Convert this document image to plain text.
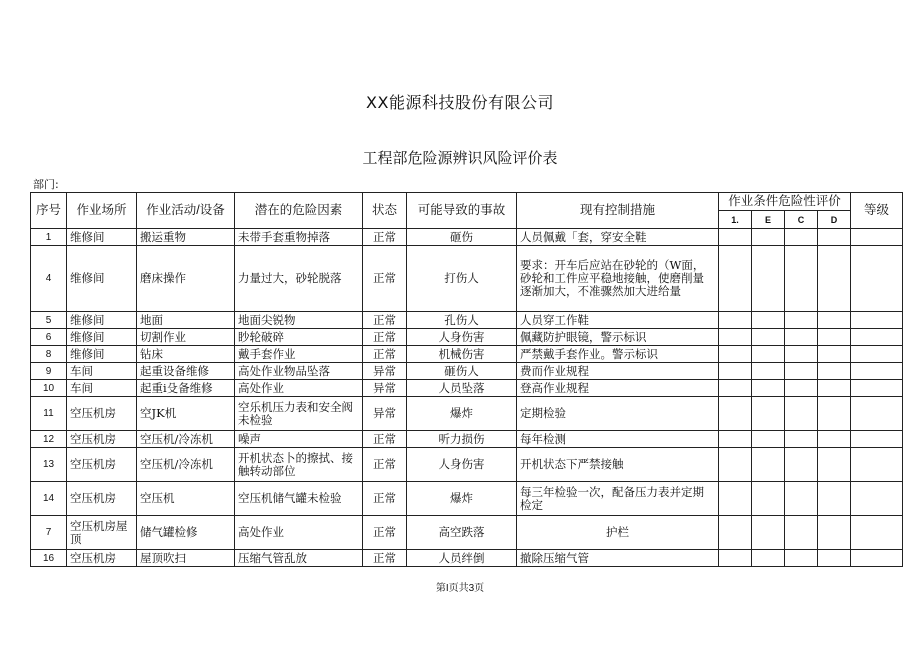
XX能源科技股份有限公司
工程部危险源辨识风险评价表
部门:
序号	作业场所	作业活动/设备	潜在的危险因素	状态	可能导致的事故	现有控制措施	作业条件危险性评价				等级
							1.	E	C	D	
1	维修间	搬运重物	未带手套重物掉落	正常	砸伤	人员佩戴「套，穿安全鞋					
4	维修间	磨床操作	力量过大，砂轮脱落	正常	打伤人	要求：开车后应站在砂轮的（W面，砂轮和工件应平稳地接触，使磨削量逐渐加大，不准骤然加大进给量					
5	维修间	地面	地面尖锐物	正常	孔伤人	人员穿工作鞋					
6	维修间	切割作业	眇轮破碎	正常	人身伤害	佩藏防护眼镜，警示标识					
8	维修间	钻床	戴手套作业	正常	机械伤害	严禁戴手套作业。警示标识					
9	车间	起重设备维修	高处作业物品坠落	异常	砸伤人	费而作业规程					
10	车间	起重i殳备维修	高处作业	异常	人员坠落	登高作业规程					
11	空压机房	空JK机	空乐机压力表和安全阀未检验	异常	爆炸	定期检验					
12	空压机房	空压机/冷冻机	噪声	正常	听力损伤	每年检测					
13	空压机房	空压机/冷冻机	开机状态卜的擦拭、接触转动部位	正常	人身伤害	开机状态下严禁接触					
14	空压机房	空压机	空压机储气罐未检验	正常	爆炸	每三年检验一次，配备压力表并定期检定					
7	空压机房屋顶	储气罐检修	高处作业	正常	高空跌落	护栏					
16	空压机房	屋顶吹扫	压缩气管乱放	正常	人员绊倒	撤除压缩气管					
第I页共3页
